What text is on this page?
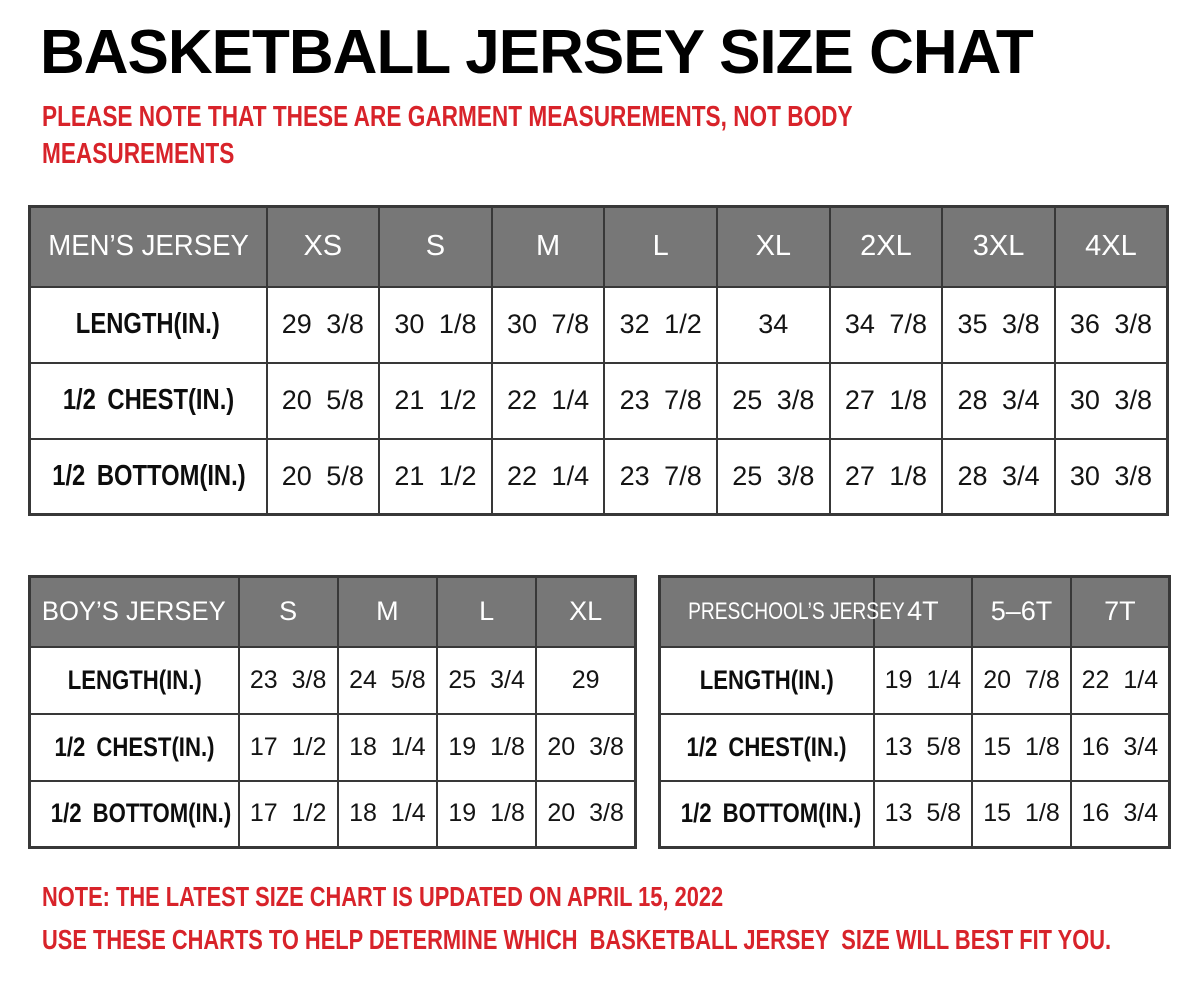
BASKETBALL JERSEY SIZE CHAT
PLEASE NOTE THAT THESE ARE GARMENT MEASUREMENTS, NOT BODY
MEASUREMENTS
MEN’S JERSEY	XS	S	M	L	XL	2XL	3XL	4XL
LENGTH(IN.)	29 3/8	30 1/8	30 7/8	32 1/2	34	34 7/8	35 3/8	36 3/8
1/2 CHEST(IN.)	20 5/8	21 1/2	22 1/4	23 7/8	25 3/8	27 1/8	28 3/4	30 3/8
1/2 BOTTOM(IN.)	20 5/8	21 1/2	22 1/4	23 7/8	25 3/8	27 1/8	28 3/4	30 3/8
BOY’S JERSEY	S	M	L	XL
LENGTH(IN.)	23 3/8	24 5/8	25 3/4	29
1/2 CHEST(IN.)	17 1/2	18 1/4	19 1/8	20 3/8
1/2 BOTTOM(IN.)	17 1/2	18 1/4	19 1/8	20 3/8
PRESCHOOL’S JERSEY	4T	5–6T	7T
LENGTH(IN.)	19 1/4	20 7/8	22 1/4
1/2 CHEST(IN.)	13 5/8	15 1/8	16 3/4
1/2 BOTTOM(IN.)	13 5/8	15 1/8	16 3/4
NOTE: THE LATEST SIZE CHART IS UPDATED ON APRIL 15, 2022
USE THESE CHARTS TO HELP DETERMINE WHICH  BASKETBALL JERSEY  SIZE WILL BEST FIT YOU.
